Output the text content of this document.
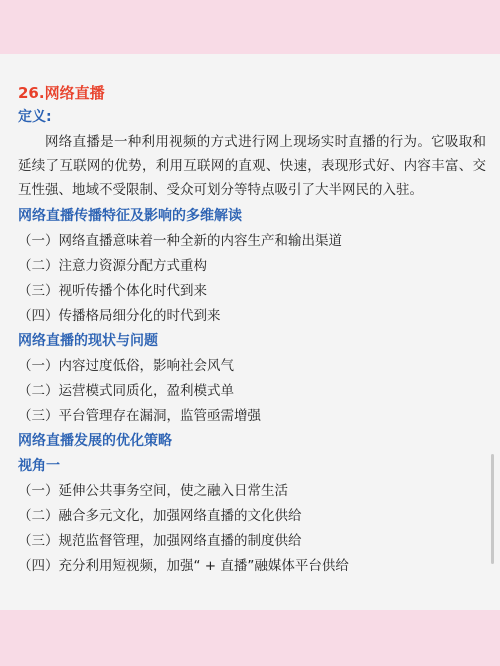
26.网络直播
定义:
网络直播是一种利用视频的方式进行网上现场实时直播的行为。它吸取和延续了互联网的优势，利用互联网的直观、快速，表现形式好、内容丰富、交互性强、地域不受限制、受众可划分等特点吸引了大半网民的入驻。
网络直播传播特征及影响的多维解读
（一）网络直播意味着一种全新的内容生产和输出渠道
（二）注意力资源分配方式重构
（三）视听传播个体化时代到来
（四）传播格局细分化的时代到来
网络直播的现状与问题
（一）内容过度低俗，影响社会风气
（二）运营模式同质化，盈利模式单
（三）平台管理存在漏洞，监管亟需增强
网络直播发展的优化策略
视角一
（一）延伸公共事务空间，使之融入日常生活
（二）融合多元文化，加强网络直播的文化供给
（三）规范监督管理，加强网络直播的制度供给
（四）充分利用短视频，加强“ + 直播”融媒体平台供给
